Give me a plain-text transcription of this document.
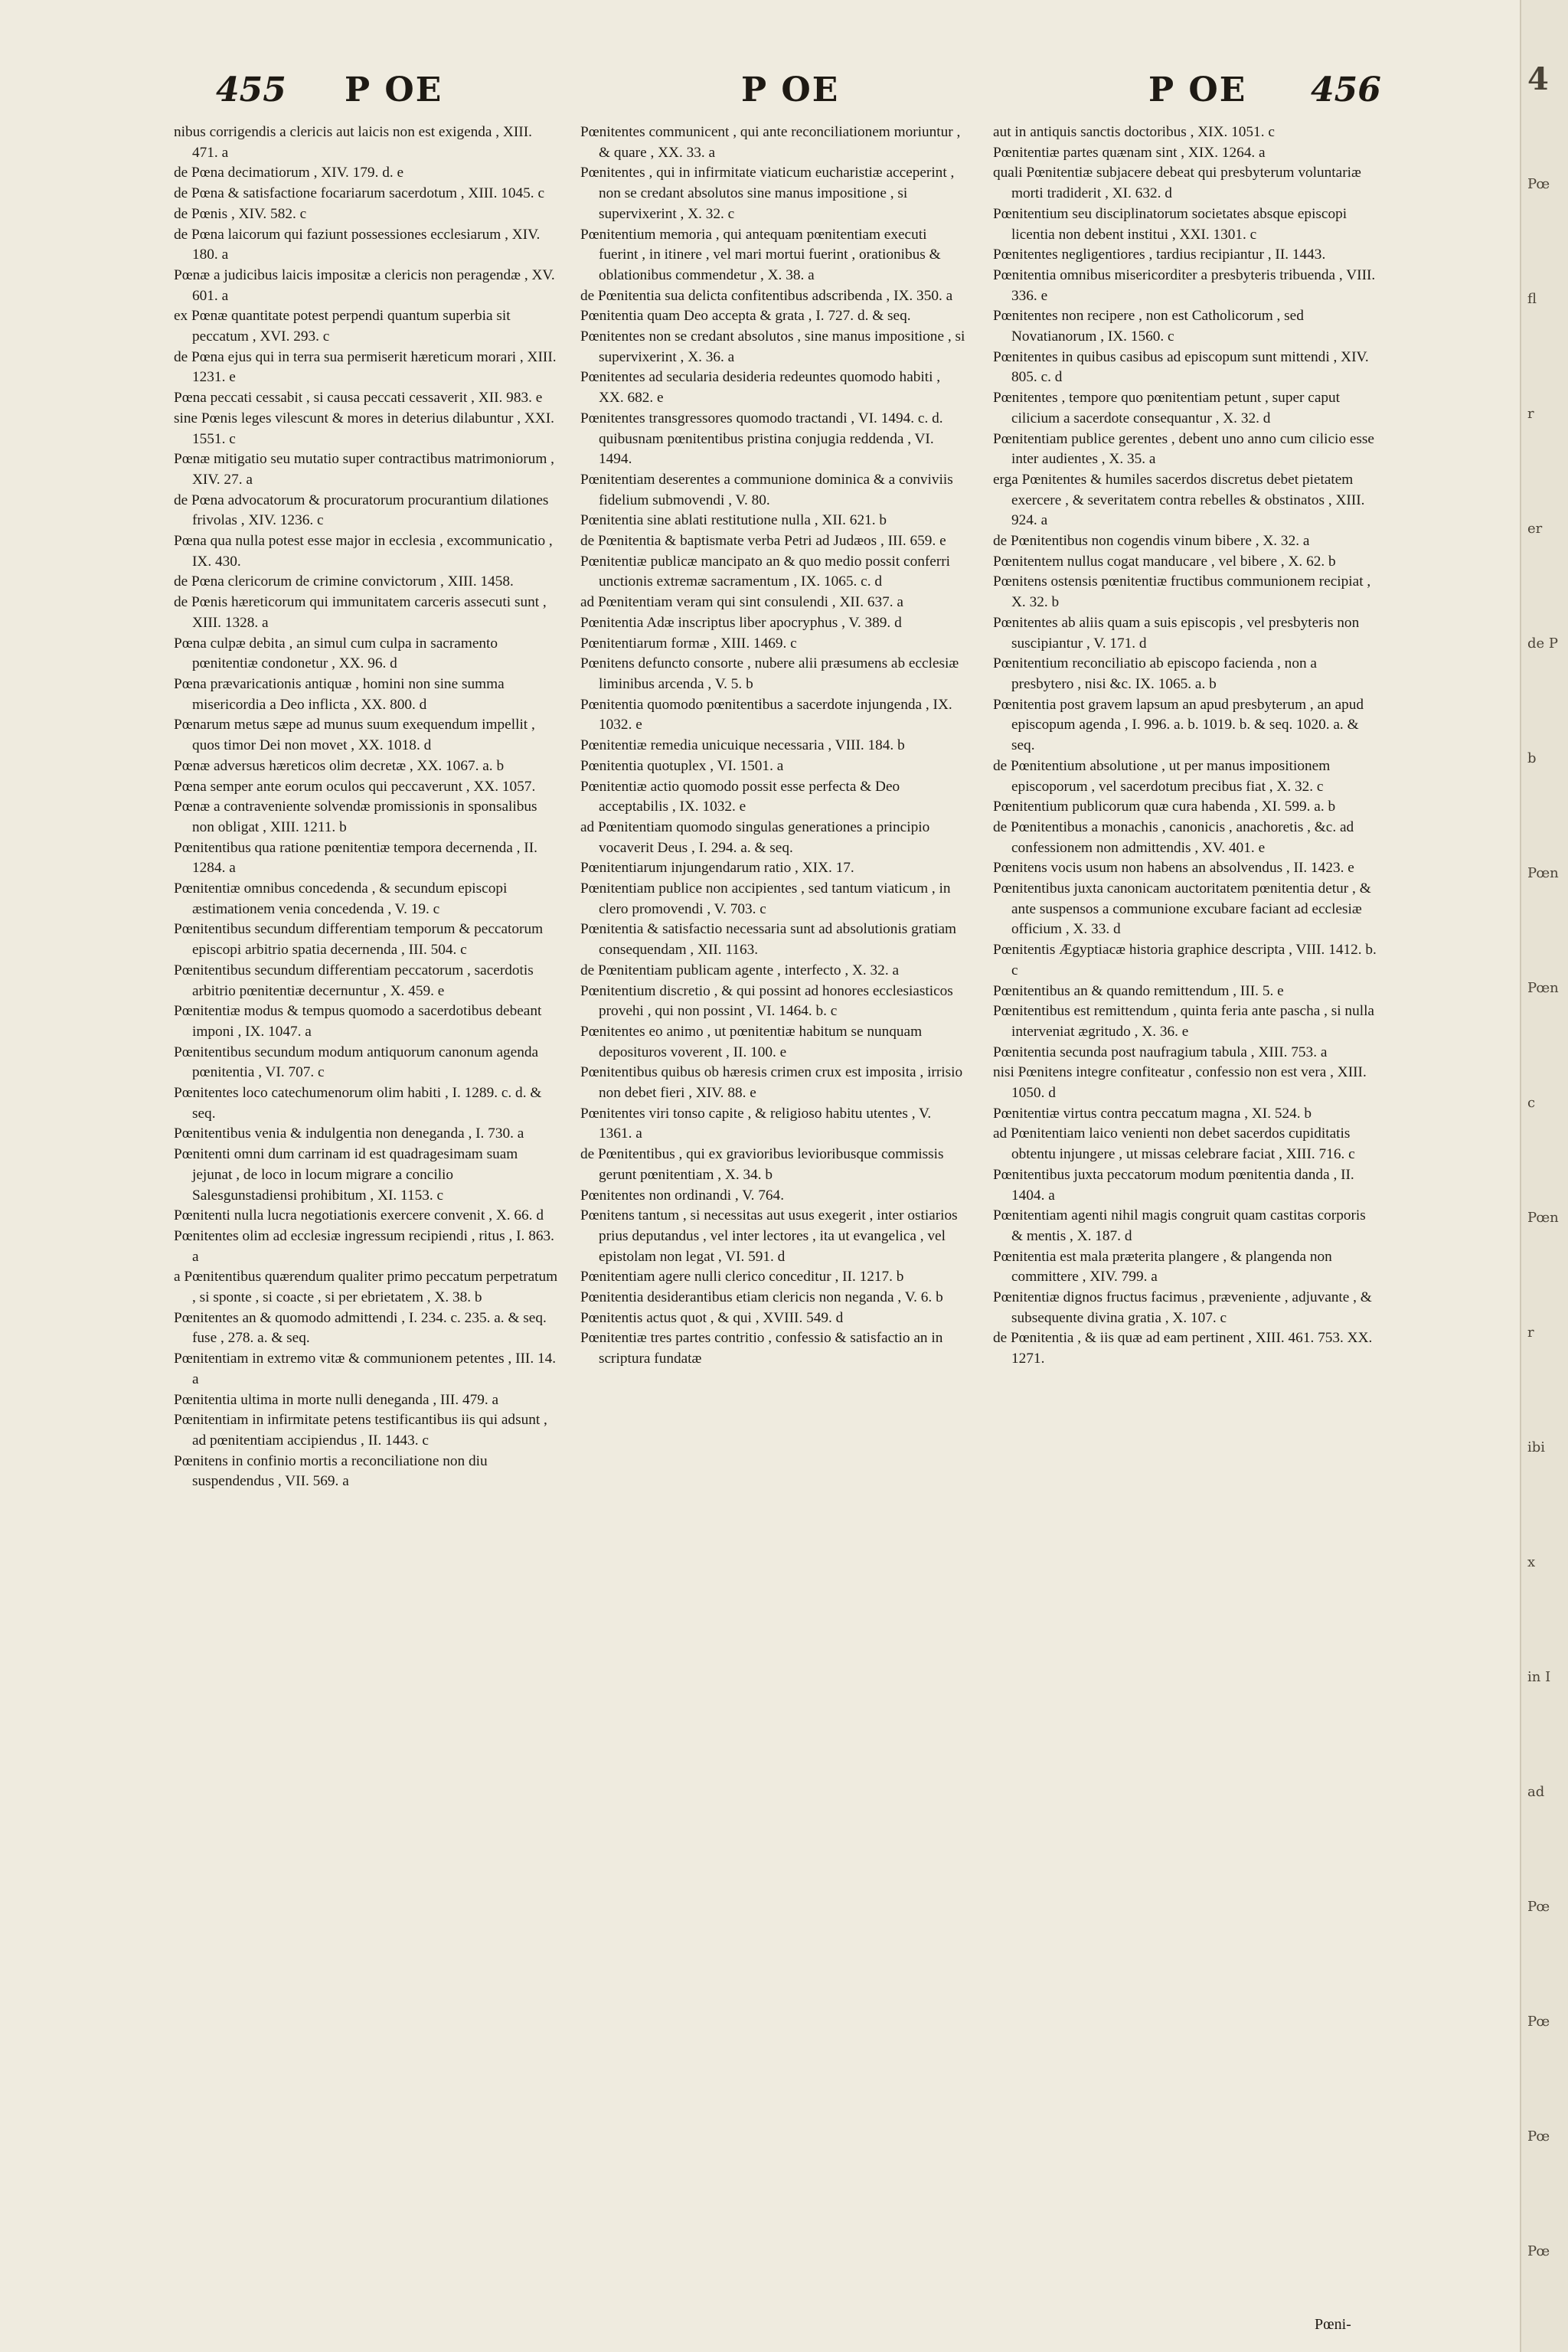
455 P OE	P OE	P OE 456

nibus corrigendis a clericis aut laicis non est exigenda , XIII. 471. a

de Pœna decimatiorum , XIV. 179. d. e

de Pœna & satisfactione focariarum sacerdotum , XIII. 1045. c

de Pœnis , XIV. 582. c

de Pœna laicorum qui faziunt possessiones ecclesiarum , XIV. 180. a

Pœnæ a judicibus laicis impositæ a clericis non peragendæ , XV. 601. a

ex Pœnæ quantitate potest perpendi quantum superbia sit peccatum , XVI. 293. c

de Pœna ejus qui in terra sua permiserit hæreticum morari , XIII. 1231. e

Pœna peccati cessabit , si causa peccati cessaverit , XII. 983. e

sine Pœnis leges vilescunt & mores in deterius dilabuntur , XXI. 1551. c

Pœnæ mitigatio seu mutatio super contractibus matrimoniorum , XIV. 27. a

de Pœna advocatorum & procuratorum procurantium dilationes frivolas , XIV. 1236. c

Pœna qua nulla potest esse major in ecclesia , excommunicatio , IX. 430.

de Pœna clericorum de crimine convictorum , XIII. 1458.

de Pœnis hæreticorum qui immunitatem carceris assecuti sunt , XIII. 1328. a

Pœna culpæ debita , an simul cum culpa in sacramento pœnitentiæ condonetur , XX. 96. d

Pœna prævaricationis antiquæ , homini non sine summa misericordia a Deo inflicta , XX. 800. d

Pœnarum metus sæpe ad munus suum exequendum impellit , quos timor Dei non movet , XX. 1018. d

Pœnæ adversus hæreticos olim decretæ , XX. 1067. a. b

Pœna semper ante eorum oculos qui peccaverunt , XX. 1057.

Pœnæ a contraveniente solvendæ promissionis in sponsalibus non obligat , XIII. 1211. b

Pœnitentibus qua ratione pœnitentiæ tempora decernenda , II. 1284. a

Pœnitentiæ omnibus concedenda , & secundum episcopi æstimationem venia concedenda , V. 19. c

Pœnitentibus secundum differentiam temporum & peccatorum episcopi arbitrio spatia decernenda , III. 504. c

Pœnitentibus secundum differentiam peccatorum , sacerdotis arbitrio pœnitentiæ decernuntur , X. 459. e

Pœnitentiæ modus & tempus quomodo a sacerdotibus debeant imponi , IX. 1047. a

Pœnitentibus secundum modum antiquorum canonum agenda pœnitentia , VI. 707. c

Pœnitentes loco catechumenorum olim habiti , I. 1289. c. d. & seq.

Pœnitentibus venia & indulgentia non deneganda , I. 730. a

Pœnitenti omni dum carrinam id est quadragesimam suam jejunat , de loco in locum migrare a concilio Salesgunstadiensi prohibitum , XI. 1153. c

Pœnitenti nulla lucra negotiationis exercere convenit , X. 66. d

Pœnitentes olim ad ecclesiæ ingressum recipiendi , ritus , I. 863. a

a Pœnitentibus quærendum qualiter primo peccatum perpetratum , si sponte , si coacte , si per ebrietatem , X. 38. b

Pœnitentes an & quomodo admittendi , I. 234. c. 235. a. & seq. fuse , 278. a. & seq.

Pœnitentiam in extremo vitæ & communionem petentes , III. 14. a

Pœnitentia ultima in morte nulli denegandа , III. 479. a

Pœnitentiam in infirmitate petens testificantibus iis qui adsunt , ad pœnitentiam accipiendus , II. 1443. c

Pœnitens in confinio mortis a reconciliatione non diu suspendendus , VII. 569. a

Pœnitentes communicent , qui ante reconciliationem moriuntur , & quare , XX. 33. a

Pœnitentes , qui in infirmitate viaticum eucharistiæ acceperint , non se credant absolutos sine manus impositione , si supervixerint , X. 32. c

Pœnitentium memoria , qui antequam pœnitentiam executi fuerint , in itinere , vel mari mortui fuerint , orationibus & oblationibus commendetur , X. 38. a

de Pœnitentia sua delicta confitentibus adscribenda , IX. 350. a

Pœnitentia quam Deo accepta & grata , I. 727. d. & seq.

Pœnitentes non se credant absolutos , sine manus impositione , si supervixerint , X. 36. a

Pœnitentes ad secularia desideria redeuntes quomodo habiti , XX. 682. e

Pœnitentes transgressores quomodo tractandi , VI. 1494. c. d. quibusnam pœnitentibus pristina conjugia reddenda , VI. 1494.

Pœnitentiam deserentes a communione dominica & a conviviis fidelium submovendi , V. 80.

Pœnitentia sine ablati restitutione nulla , XII. 621. b

de Pœnitentia & baptismate verba Petri ad Judæos , III. 659. e

Pœnitentiæ publicæ mancipato an & quo medio possit conferri unctionis extremæ sacramentum , IX. 1065. c. d

ad Pœnitentiam veram qui sint consulendi , XII. 637. a

Pœnitentia Adæ inscriptus liber apocryphus , V. 389. d

Pœnitentiarum formæ , XIII. 1469. c

Pœnitens defuncto consorte , nubere alii præsumens ab ecclesiæ liminibus arcenda , V. 5. b

Pœnitentia quomodo pœnitentibus a sacerdote injungenda , IX. 1032. e

Pœnitentiæ remedia unicuique necessaria , VIII. 184. b

Pœnitentia quotuplex , VI. 1501. a

Pœnitentiæ actio quomodo possit esse perfecta & Deo acceptabilis , IX. 1032. e

ad Pœnitentiam quomodo singulas generationes a principio vocaverit Deus , I. 294. a. & seq.

Pœnitentiarum injungendarum ratio , XIX. 17.

Pœnitentiam publice non accipientes , sed tantum viaticum , in clero promovendi , V. 703. c

Pœnitentia & satisfactio necessaria sunt ad absolutionis gratiam consequendam , XII. 1163.

de Pœnitentiam publicam agente , interfecto , X. 32. a

Pœnitentium discretio , & qui possint ad honores ecclesiasticos provehi , qui non possint , VI. 1464. b. c

Pœnitentes eo animo , ut pœnitentiæ habitum se nunquam deposituros voverent , II. 100. e

Pœnitentibus quibus ob hæresis crimen crux est imposita , irrisio non debet fieri , XIV. 88. e

Pœnitentes viri tonso capite , & religioso habitu utentes , V. 1361. a

de Pœnitentibus , qui ex gravioribus levioribusque commissis gerunt pœnitentiam , X. 34. b

Pœnitentes non ordinandi , V. 764.

Pœnitens tantum , si necessitas aut usus exegerit , inter ostiarios prius deputandus , vel inter lectores , ita ut evangelica , vel epistolam non legat , VI. 591. d

Pœnitentiam agere nulli clerico conceditur , II. 1217. b

Pœnitentia desiderantibus etiam clericis non neganda , V. 6. b

Pœnitentis actus quot , & qui , XVIII. 549. d

Pœnitentiæ tres partes contritio , confessio & satisfactio an in scriptura fundatæ

aut in antiquis sanctis doctoribus , XIX. 1051. c

Pœnitentiæ partes quænam sint , XIX. 1264. a

quali Pœnitentiæ subjacere debeat qui presbyterum voluntariæ morti tradiderit , XI. 632. d

Pœnitentium seu disciplinatorum societates absque episcopi licentia non debent institui , XXI. 1301. c

Pœnitentes negligentiores , tardius recipiantur , II. 1443.

Pœnitentia omnibus misericorditer a presbyteris tribuenda , VIII. 336. e

Pœnitentes non recipere , non est Catholicorum , sed Novatianorum , IX. 1560. c

Pœnitentes in quibus casibus ad episcopum sunt mittendi , XIV. 805. c. d

Pœnitentes , tempore quo pœnitentiam petunt , super caput cilicium a sacerdote consequantur , X. 32. d

Pœnitentiam publice gerentes , debent uno anno cum cilicio esse inter audientes , X. 35. a

erga Pœnitentes & humiles sacerdos discretus debet pietatem exercere , & severitatem contra rebelles & obstinatos , XIII. 924. a

de Pœnitentibus non cogendis vinum bibere , X. 32. a

Pœnitentem nullus cogat manducare , vel bibere , X. 62. b

Pœnitens ostensis pœnitentiæ fructibus communionem recipiat , X. 32. b

Pœnitentes ab aliis quam a suis episcopis , vel presbyteris non suscipiantur , V. 171. d

Pœnitentium reconciliatio ab episcopo facienda , non a presbytero , nisi &c. IX. 1065. a. b

Pœnitentia post gravem lapsum an apud presbyterum , an apud episcopum agenda , I. 996. a. b. 1019. b. & seq. 1020. a. & seq.

de Pœnitentium absolutione , ut per manus impositionem episcoporum , vel sacerdotum precibus fiat , X. 32. c

Pœnitentium publicorum quæ cura habenda , XI. 599. a. b

de Pœnitentibus a monachis , canonicis , anachoretis , &c. ad confessionem non admittendis , XV. 401. e

Pœnitens vocis usum non habens an absolvendus , II. 1423. e

Pœnitentibus juxta canonicam auctoritatem pœnitentia detur , & ante suspensos a communione excubare faciant ad ecclesiæ officium , X. 33. d

Pœnitentis Ægyptiacæ historia graphice descripta , VIII. 1412. b. c

Pœnitentibus an & quando remittendum , III. 5. e

Pœnitentibus est remittendum , quinta feria ante pascha , si nulla interveniat ægritudo , X. 36. e

Pœnitentia secunda post naufragium tabula , XIII. 753. a

nisi Pœnitens integre confiteatur , confessio non est vera , XIII. 1050. d

Pœnitentiæ virtus contra peccatum magna , XI. 524. b

ad Pœnitentiam laico venienti non debet sacerdos cupiditatis obtentu injungere , ut missas celebrare faciat , XIII. 716. c

Pœnitentibus juxta peccatorum modum pœnitentia danda , II. 1404. a

Pœnitentiam agenti nihil magis congruit quam castitas corporis & mentis , X. 187. d

Pœnitentia est mala præterita plangere , & plangenda non committere , XIV. 799. a

Pœnitentiæ dignos fructus facimus , præveniente , adjuvante , & subsequente divina gratia , X. 107. c

de Pœnitentia , & iis quæ ad eam pertinent , XIII. 461. 753. XX. 1271.

Pœni-
4
Pœ
fl
r
er
de P
b
Pœn
Pœn
c
Pœn
r
ibi
x
in I
ad
Pœ
Pœ
Pœ
Pœ
